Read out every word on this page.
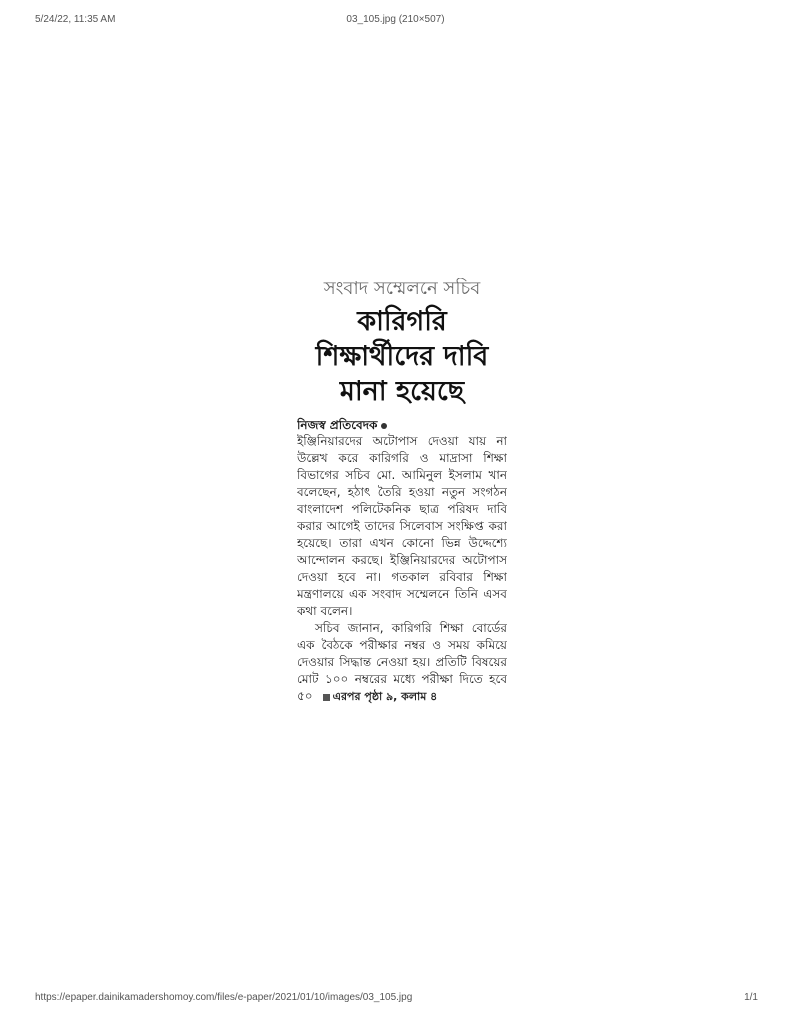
5/24/22, 11:35 AM	03_105.jpg (210×507)
সংবাদ সম্মেলনে সচিব
কারিগরি
শিক্ষার্থীদের দাবি
মানা হয়েছে
নিজস্ব প্রতিবেদক

ইঞ্জিনিয়ারদের অটোপাস দেওয়া যায় না উল্লেখ করে কারিগরি ও মাদ্রাসা শিক্ষা বিভাগের সচিব মো. আমিনুল ইসলাম খান বলেছেন, হঠাৎ তৈরি হওয়া নতুন সংগঠন বাংলাদেশ পলিটেকনিক ছাত্র পরিষদ দাবি করার আগেই তাদের সিলেবাস সংক্ষিপ্ত করা হয়েছে। তারা এখন কোনো ভিন্ন উদ্দেশ্যে আন্দোলন করছে। ইঞ্জিনিয়ারদের অটোপাস দেওয়া হবে না। গতকাল রবিবার শিক্ষা মন্ত্রণালয়ে এক সংবাদ সম্মেলনে তিনি এসব কথা বলেন।

সচিব জানান, কারিগরি শিক্ষা বোর্ডের এক বৈঠকে পরীক্ষার নম্বর ও সময় কমিয়ে দেওয়ার সিদ্ধান্ত নেওয়া হয়। প্রতিটি বিষয়ের মোট ১০০ নম্বরের মধ্যে পরীক্ষা দিতে হবে ৫০ এরপর পৃষ্ঠা ৯, কলাম ৪

https://epaper.dainikamadershomoy.com/files/e-paper/2021/01/10/images/03_105.jpg	1/1
